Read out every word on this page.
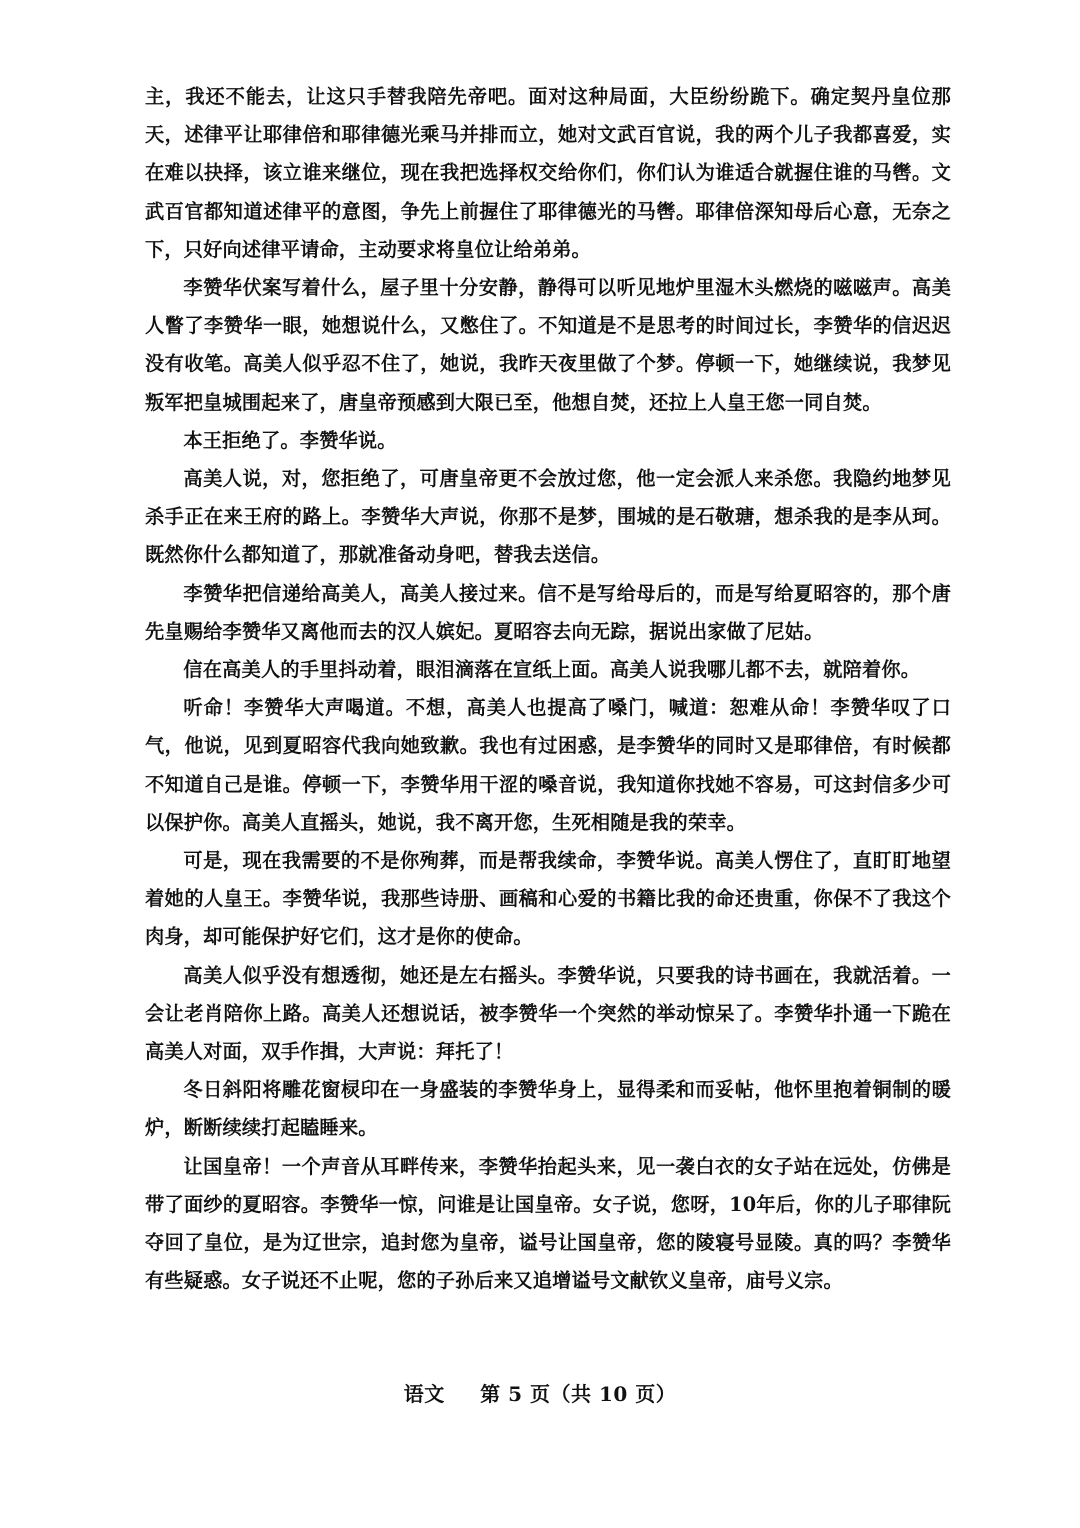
主，我还不能去，让这只手替我陪先帝吧。面对这种局面，大臣纷纷跪下。确定契丹皇位那天，述律平让耶律倍和耶律德光乘马并排而立，她对文武百官说，我的两个儿子我都喜爱，实在难以抉择，该立谁来继位，现在我把选择权交给你们，你们认为谁适合就握住谁的马辔。文武百官都知道述律平的意图，争先上前握住了耶律德光的马辔。耶律倍深知母后心意，无奈之下，只好向述律平请命，主动要求将皇位让给弟弟。

李赞华伏案写着什么，屋子里十分安静，静得可以听见地炉里湿木头燃烧的嗞嗞声。高美人瞥了李赞华一眼，她想说什么，又憋住了。不知道是不是思考的时间过长，李赞华的信迟迟没有收笔。高美人似乎忍不住了，她说，我昨天夜里做了个梦。停顿一下，她继续说，我梦见叛军把皇城围起来了，唐皇帝预感到大限已至，他想自焚，还拉上人皇王您一同自焚。

本王拒绝了。李赞华说。

高美人说，对，您拒绝了，可唐皇帝更不会放过您，他一定会派人来杀您。我隐约地梦见杀手正在来王府的路上。李赞华大声说，你那不是梦，围城的是石敬瑭，想杀我的是李从珂。既然你什么都知道了，那就准备动身吧，替我去送信。

李赞华把信递给高美人，高美人接过来。信不是写给母后的，而是写给夏昭容的，那个唐先皇赐给李赞华又离他而去的汉人嫔妃。夏昭容去向无踪，据说出家做了尼姑。

信在高美人的手里抖动着，眼泪滴落在宣纸上面。高美人说我哪儿都不去，就陪着你。

听命！李赞华大声喝道。不想，高美人也提高了嗓门，喊道：恕难从命！李赞华叹了口气，他说，见到夏昭容代我向她致歉。我也有过困惑，是李赞华的同时又是耶律倍，有时候都不知道自己是谁。停顿一下，李赞华用干涩的嗓音说，我知道你找她不容易，可这封信多少可以保护你。高美人直摇头，她说，我不离开您，生死相随是我的荣幸。

可是，现在我需要的不是你殉葬，而是帮我续命，李赞华说。高美人愣住了，直盯盯地望着她的人皇王。李赞华说，我那些诗册、画稿和心爱的书籍比我的命还贵重，你保不了我这个肉身，却可能保护好它们，这才是你的使命。

高美人似乎没有想透彻，她还是左右摇头。李赞华说，只要我的诗书画在，我就活着。一会让老肖陪你上路。高美人还想说话，被李赞华一个突然的举动惊呆了。李赞华扑通一下跪在高美人对面，双手作揖，大声说：拜托了！

冬日斜阳将雕花窗棂印在一身盛装的李赞华身上，显得柔和而妥帖，他怀里抱着铜制的暖炉，断断续续打起瞌睡来。

让国皇帝！一个声音从耳畔传来，李赞华抬起头来，见一袭白衣的女子站在远处，仿佛是带了面纱的夏昭容。李赞华一惊，问谁是让国皇帝。女子说，您呀，10年后，你的儿子耶律阮夺回了皇位，是为辽世宗，追封您为皇帝，谥号让国皇帝，您的陵寝号显陵。真的吗？李赞华有些疑惑。女子说还不止呢，您的子孙后来又追增谥号文献钦义皇帝，庙号义宗。

语文 第 5 页（共 10 页）
